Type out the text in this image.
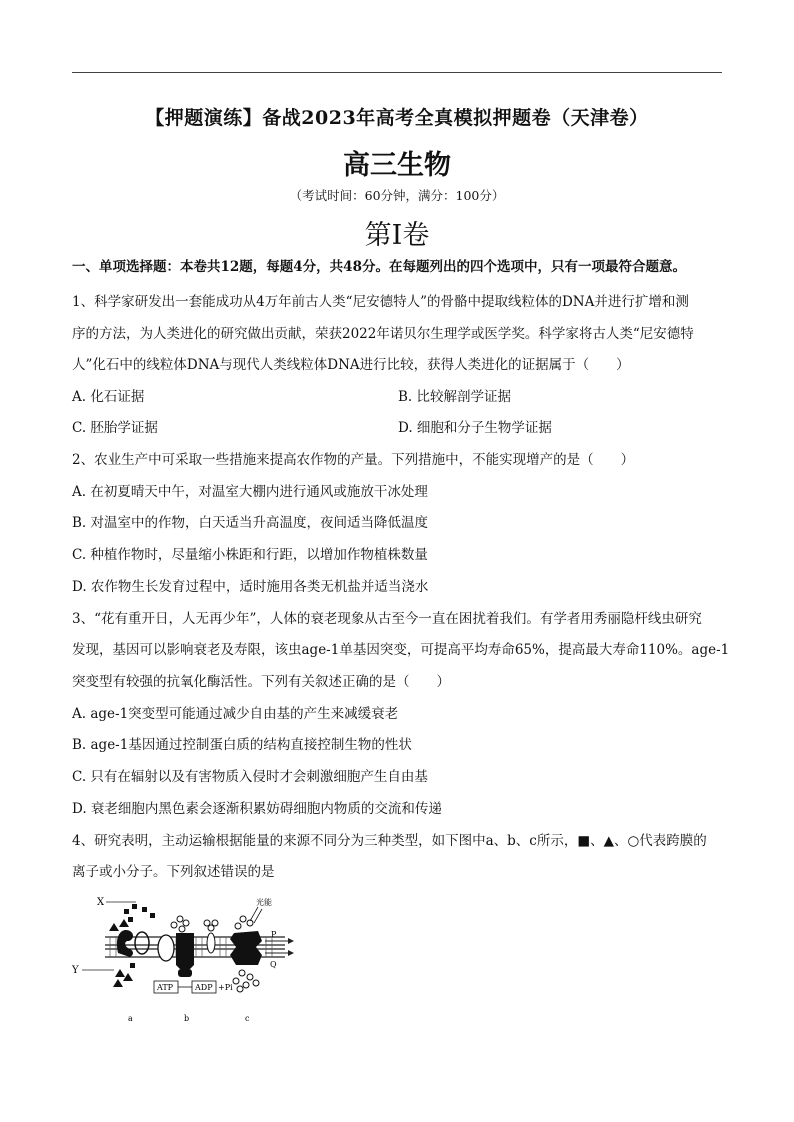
【押题演练】备战2023年高考全真模拟押题卷（天津卷）
高三生物
（考试时间：60分钟，满分：100分）
第I卷
一、单项选择题：本卷共12题，每题4分，共48分。在每题列出的四个选项中，只有一项最符合题意。
1、科学家研发出一套能成功从4万年前古人类“尼安德特人”的骨骼中提取线粒体的DNA并进行扩增和测
序的方法，为人类进化的研究做出贡献，荣获2022年诺贝尔生理学或医学奖。科学家将古人类“尼安德特
人”化石中的线粒体DNA与现代人类线粒体DNA进行比较，获得人类进化的证据属于（　　）
A. 化石证据	B. 比较解剖学证据
C. 胚胎学证据	D. 细胞和分子生物学证据
2、农业生产中可采取一些措施来提高农作物的产量。下列措施中，不能实现增产的是（　　）
A. 在初夏晴天中午，对温室大棚内进行通风或施放干冰处理
B. 对温室中的作物，白天适当升高温度，夜间适当降低温度
C. 种植作物时，尽量缩小株距和行距，以增加作物植株数量
D. 农作物生长发育过程中，适时施用各类无机盐并适当浇水
3、“花有重开日，人无再少年”，人体的衰老现象从古至今一直在困扰着我们。有学者用秀丽隐杆线虫研究
发现，基因可以影响衰老及寿限，该虫age-1单基因突变，可提高平均寿命65%，提高最大寿命110%。age-1
突变型有较强的抗氧化酶活性。下列有关叙述正确的是（　　）
A. age-1突变型可能通过减少自由基的产生来减缓衰老
B. age-1基因通过控制蛋白质的结构直接控制生物的性状
C. 只有在辐射以及有害物质入侵时才会刺激细胞产生自由基
D. 衰老细胞内黑色素会逐渐积累妨碍细胞内物质的交流和传递
4、研究表明，主动运输根据能量的来源不同分为三种类型，如下图中a、b、c所示，■、▲、○代表跨膜的
离子或小分子。下列叙述错误的是
P
Q
X
Y
ATP	ADP +Pi
光能
a	b	c
